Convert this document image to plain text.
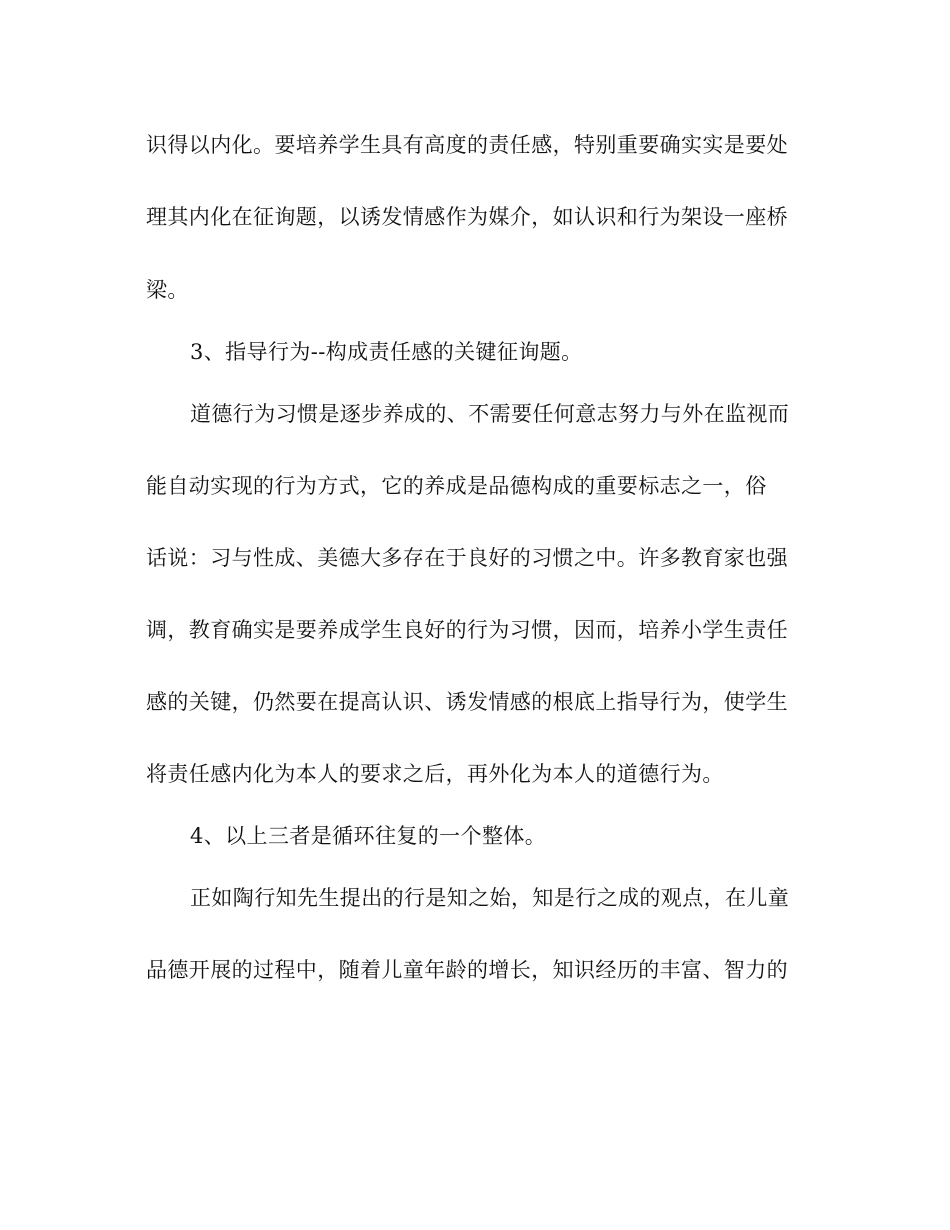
识得以内化。要培养学生具有高度的责任感，特别重要确实实是要处

理其内化在征询题，以诱发情感作为媒介，如认识和行为架设一座桥

梁。

3、指导行为--构成责任感的关键征询题。

道德行为习惯是逐步养成的、不需要任何意志努力与外在监视而

能自动实现的行为方式，它的养成是品德构成的重要标志之一，俗

话说：习与性成、美德大多存在于良好的习惯之中。许多教育家也强

调，教育确实是要养成学生良好的行为习惯，因而，培养小学生责任

感的关键，仍然要在提高认识、诱发情感的根底上指导行为，使学生

将责任感内化为本人的要求之后，再外化为本人的道德行为。

4、以上三者是循环往复的一个整体。

正如陶行知先生提出的行是知之始，知是行之成的观点，在儿童

品德开展的过程中，随着儿童年龄的增长，知识经历的丰富、智力的
